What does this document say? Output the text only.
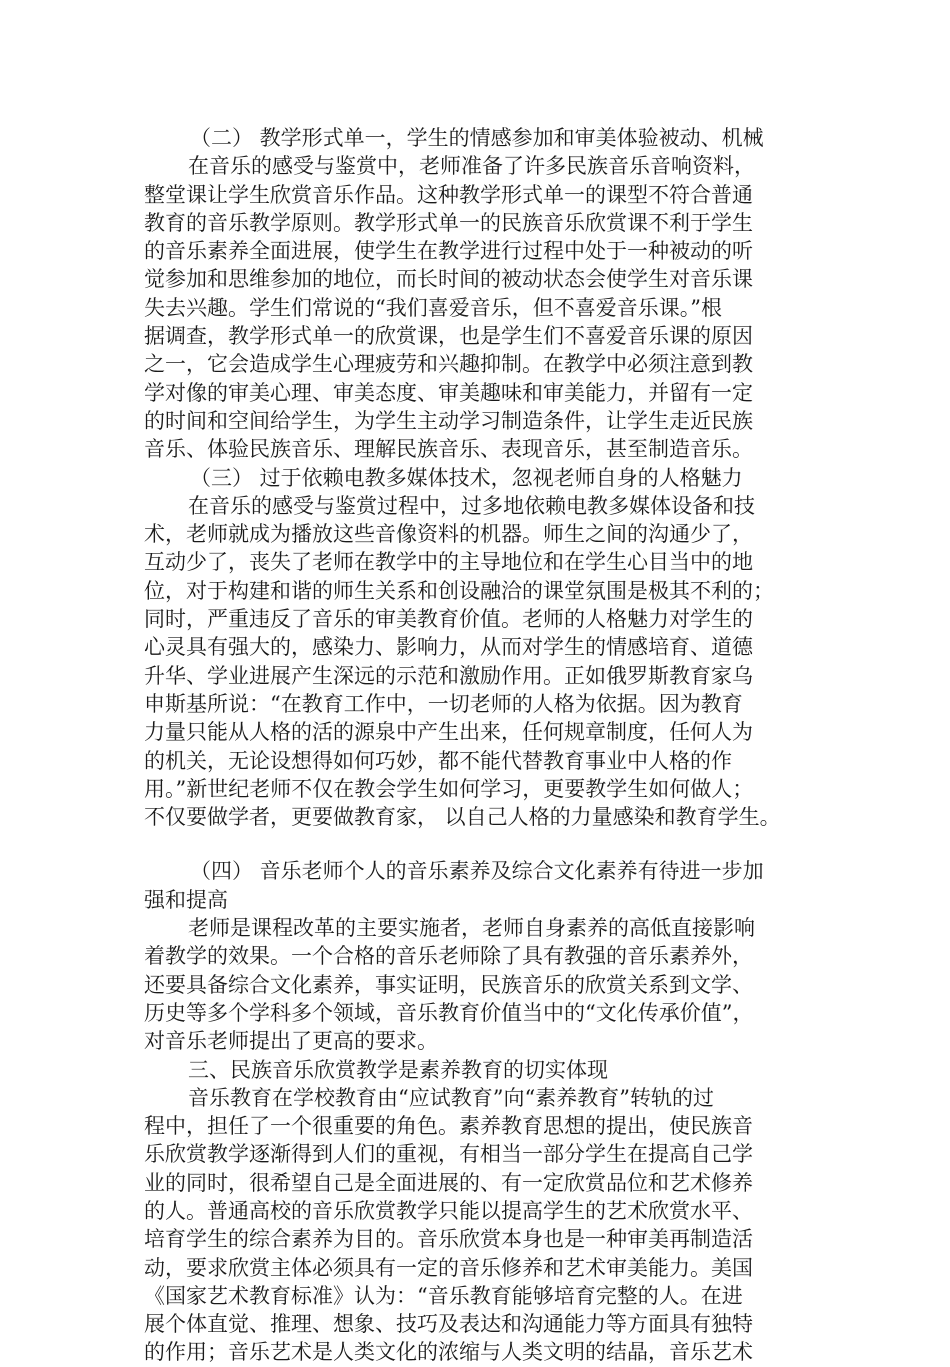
（二） 教学形式单一，学生的情感参加和审美体验被动、机械
在音乐的感受与鉴赏中，老师准备了许多民族音乐音响资料，
整堂课让学生欣赏音乐作品。这种教学形式单一的课型不符合普通
教育的音乐教学原则。教学形式单一的民族音乐欣赏课不利于学生
的音乐素养全面进展，使学生在教学进行过程中处于一种被动的听
觉参加和思维参加的地位，而长时间的被动状态会使学生对音乐课
失去兴趣。学生们常说的“我们喜爱音乐，但不喜爱音乐课。”根
据调查，教学形式单一的欣赏课，也是学生们不喜爱音乐课的原因
之一，它会造成学生心理疲劳和兴趣抑制。在教学中必须注意到教
学对像的审美心理、审美态度、审美趣味和审美能力，并留有一定
的时间和空间给学生，为学生主动学习制造条件，让学生走近民族
音乐、体验民族音乐、理解民族音乐、表现音乐，甚至制造音乐。
（三） 过于依赖电教多媒体技术，忽视老师自身的人格魅力
在音乐的感受与鉴赏过程中，过多地依赖电教多媒体设备和技
术，老师就成为播放这些音像资料的机器。师生之间的沟通少了，
互动少了，丧失了老师在教学中的主导地位和在学生心目当中的地
位，对于构建和谐的师生关系和创设融洽的课堂氛围是极其不利的；
同时，严重违反了音乐的审美教育价值。老师的人格魅力对学生的
心灵具有强大的，感染力、影响力，从而对学生的情感培育、道德
升华、学业进展产生深远的示范和激励作用。正如俄罗斯教育家乌
申斯基所说：“在教育工作中，一切老师的人格为依据。因为教育
力量只能从人格的活的源泉中产生出来，任何规章制度，任何人为
的机关，无论设想得如何巧妙，都不能代替教育事业中人格的作
用。”新世纪老师不仅在教会学生如何学习，更要教学生如何做人；
不仅要做学者，更要做教育家， 以自己人格的力量感染和教育学生。
（四） 音乐老师个人的音乐素养及综合文化素养有待进一步加
强和提高
老师是课程改革的主要实施者，老师自身素养的高低直接影响
着教学的效果。一个合格的音乐老师除了具有教强的音乐素养外，
还要具备综合文化素养，事实证明，民族音乐的欣赏关系到文学、
历史等多个学科多个领域，音乐教育价值当中的“文化传承价值”，
对音乐老师提出了更高的要求。
三、民族音乐欣赏教学是素养教育的切实体现
音乐教育在学校教育由“应试教育”向“素养教育”转轨的过
程中，担任了一个很重要的角色。素养教育思想的提出，使民族音
乐欣赏教学逐渐得到人们的重视，有相当一部分学生在提高自己学
业的同时，很希望自己是全面进展的、有一定欣赏品位和艺术修养
的人。普通高校的音乐欣赏教学只能以提高学生的艺术欣赏水平、
培育学生的综合素养为目的。音乐欣赏本身也是一种审美再制造活
动，要求欣赏主体必须具有一定的音乐修养和艺术审美能力。美国
《国家艺术教育标准》认为：“音乐教育能够培育完整的人。在进
展个体直觉、推理、想象、技巧及表达和沟通能力等方面具有独特
的作用；音乐艺术是人类文化的浓缩与人类文明的结晶，音乐艺术
